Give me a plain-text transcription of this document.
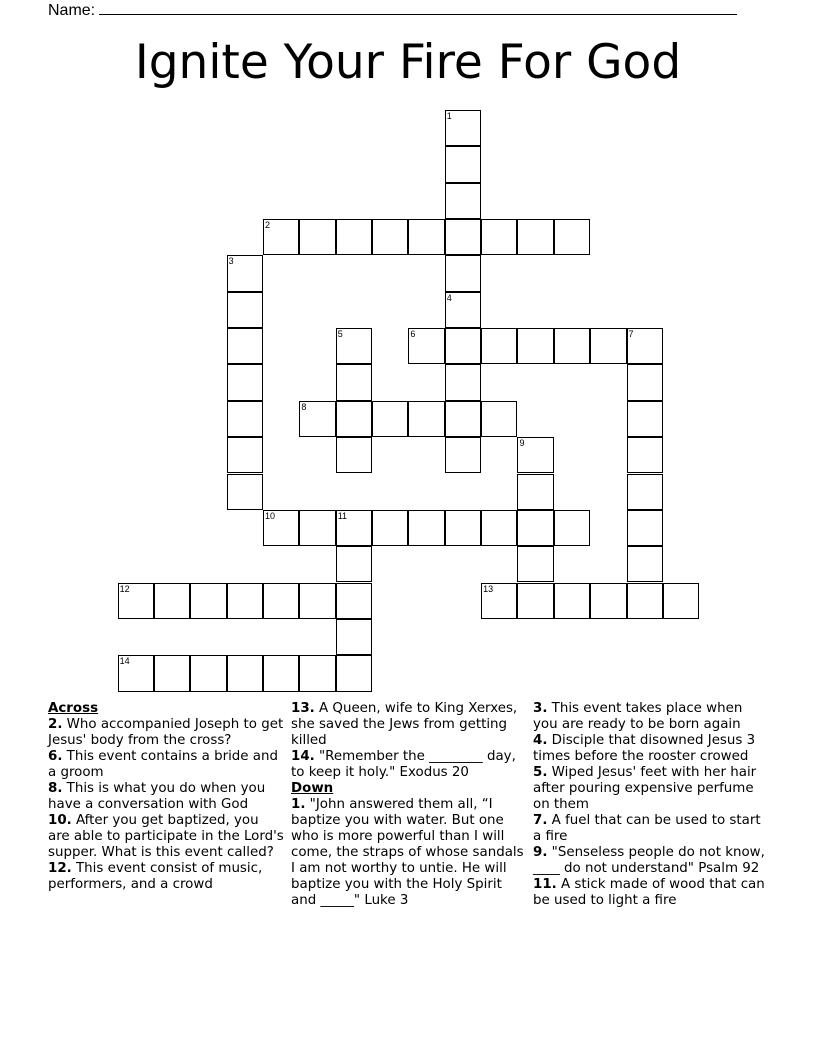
Name:
Ignite Your Fire For God
1
2
3
4
5	6	7
8
9
10	11
12	13
14
Across
2. Who accompanied Joseph to get Jesus' body from the cross?
6. This event contains a bride and a groom
8. This is what you do when you have a conversation with God
10. After you get baptized, you are able to participate in the Lord's supper. What is this event called?
12. This event consist of music, performers, and a crowd
13. A Queen, wife to King Xerxes, she saved the Jews from getting killed
14. "Remember the ________ day, to keep it holy." Exodus 20
Down
1. "John answered them all, “I baptize you with water. But one who is more powerful than I will come, the straps of whose sandals I am not worthy to untie. He will baptize you with the Holy Spirit and _____" Luke 3
3. This event takes place when you are ready to be born again
4. Disciple that disowned Jesus 3 times before the rooster crowed
5. Wiped Jesus' feet with her hair after pouring expensive perfume on them
7. A fuel that can be used to start a fire
9. "Senseless people do not know, ____ do not understand" Psalm 92
11. A stick made of wood that can be used to light a fire
